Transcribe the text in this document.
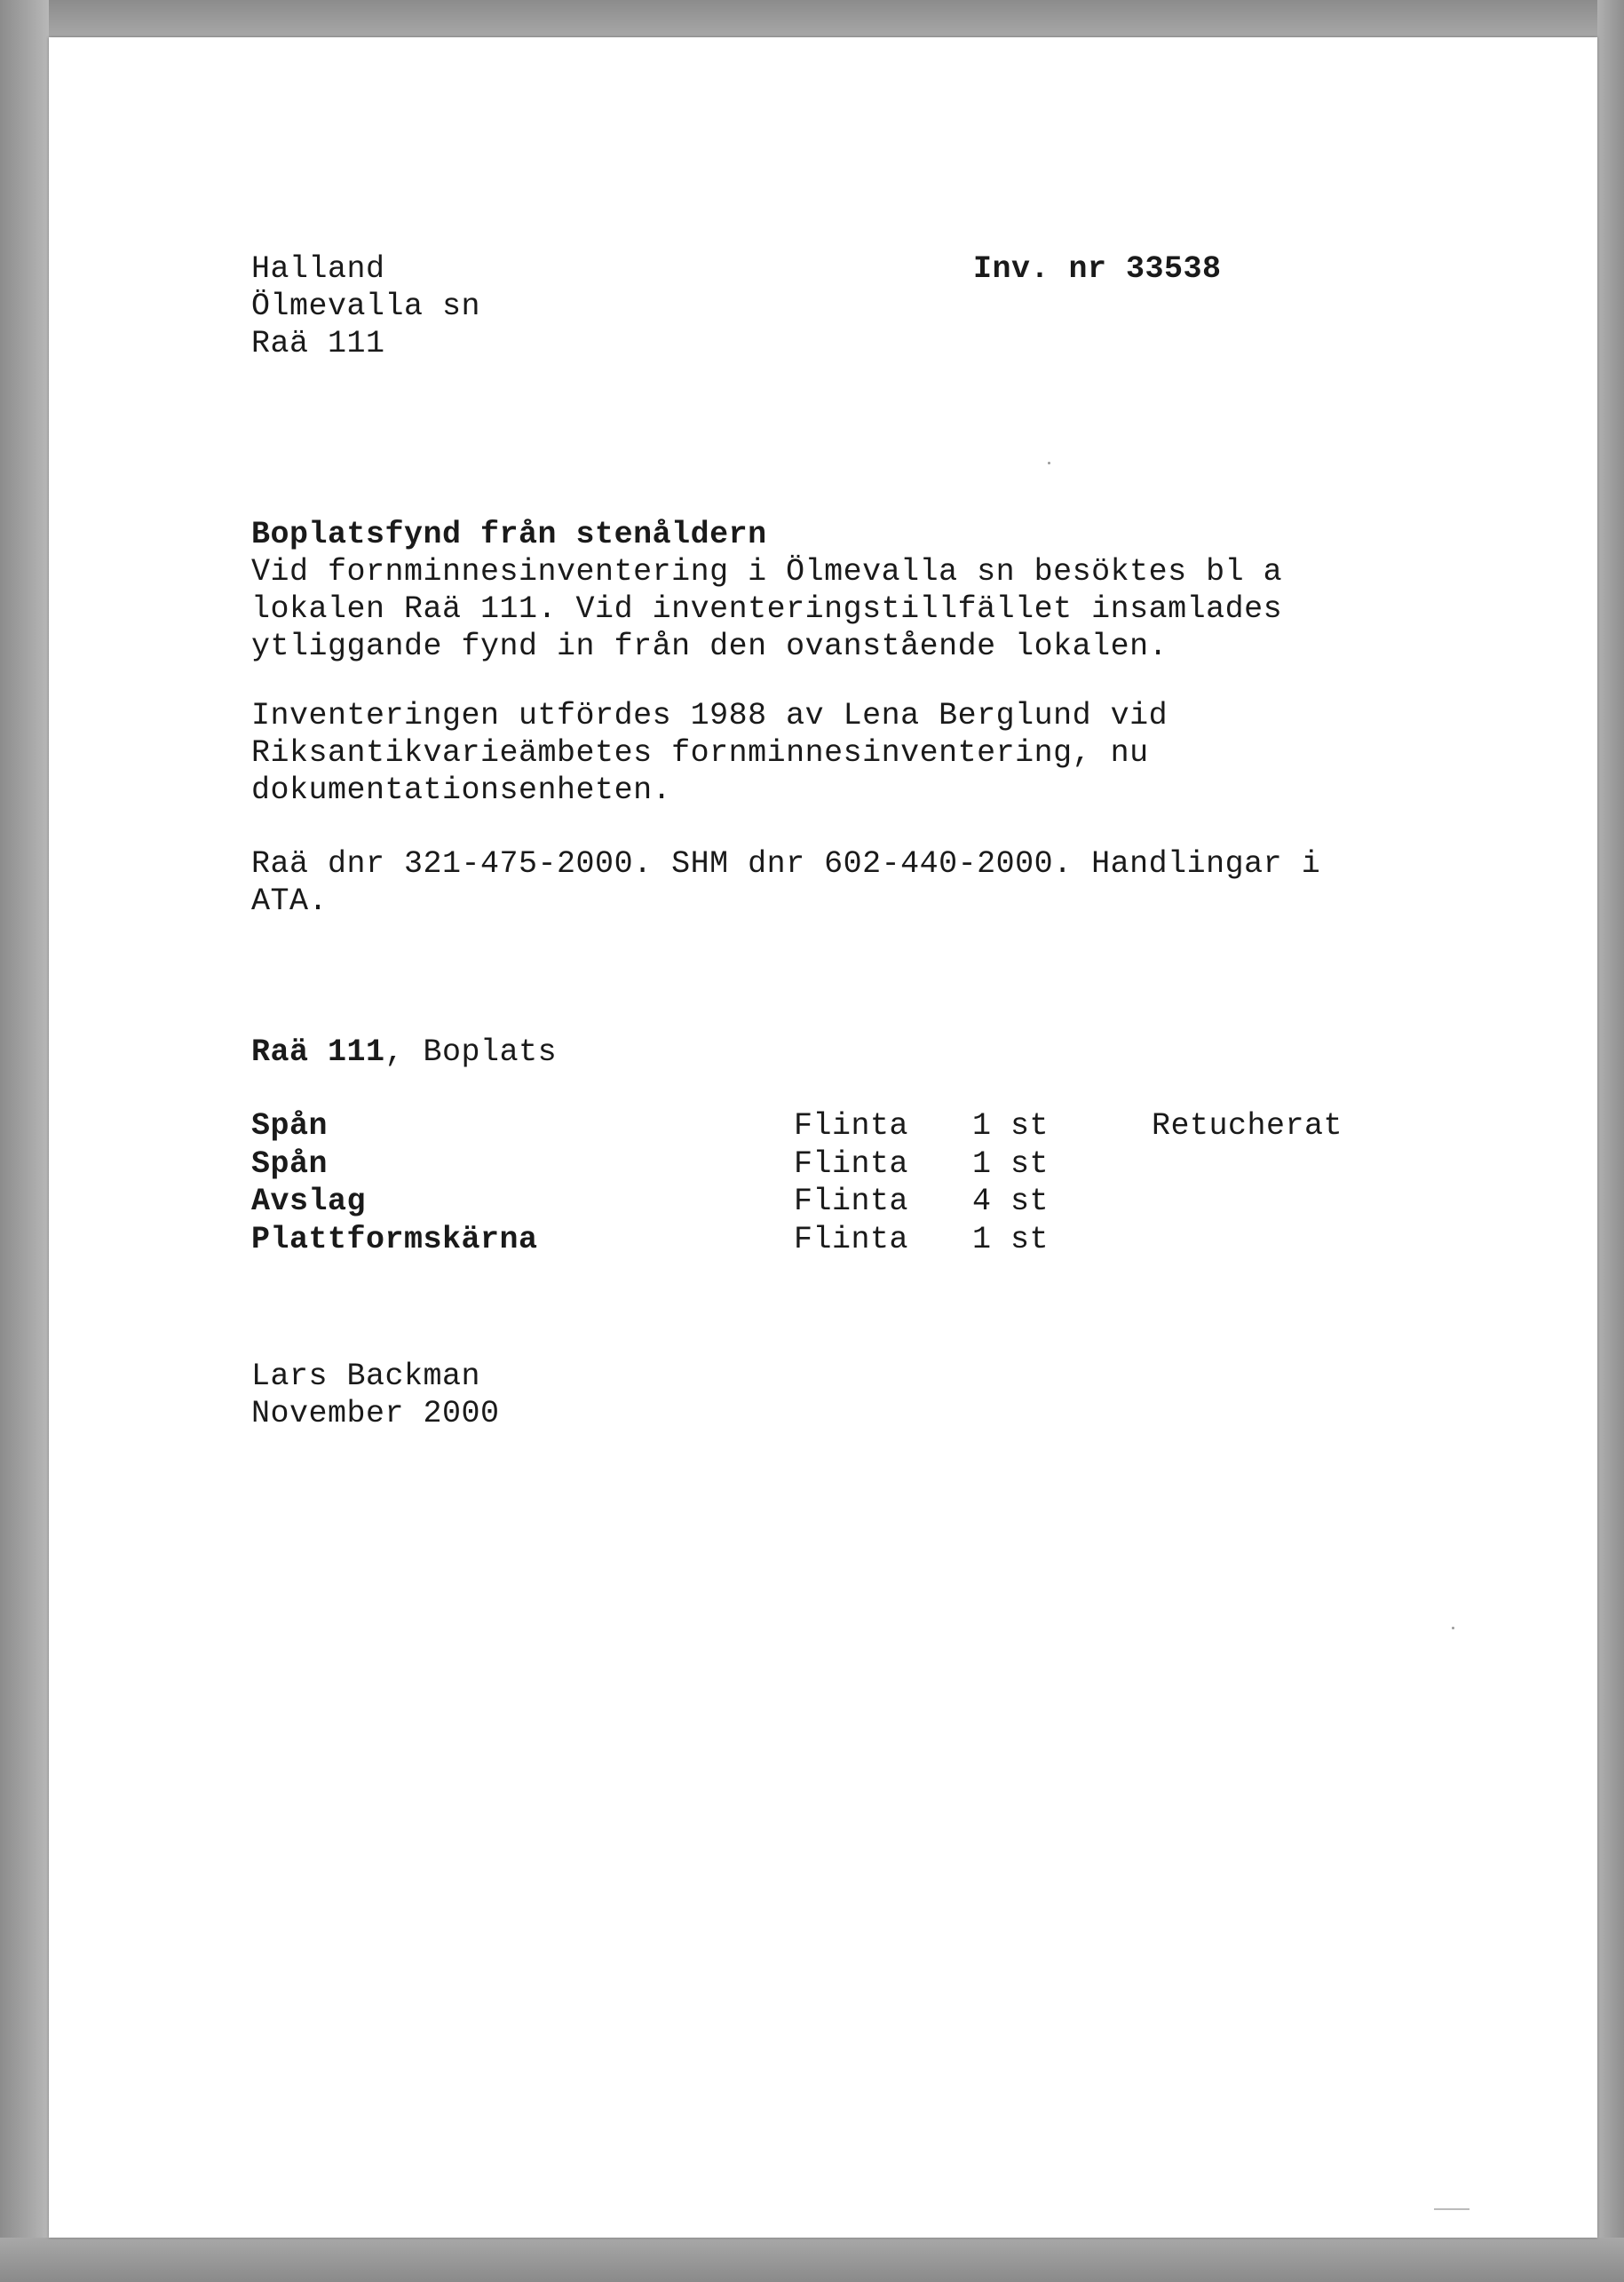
Halland
Ölmevalla sn
Raä 111
Inv. nr 33538
Boplatsfynd från stenåldern
Vid fornminnesinventering i Ölmevalla sn besöktes bl a
lokalen Raä 111. Vid inventeringstillfället insamlades
ytliggande fynd in från den ovanstående lokalen.
Inventeringen utfördes 1988 av Lena Berglund vid
Riksantikvarieämbetes fornminnesinventering, nu
dokumentationsenheten.
Raä dnr 321-475-2000. SHM dnr 602-440-2000. Handlingar i
ATA.
Raä 111, Boplats
Spån	Flinta	1 st	Retucherat
Spån	Flinta	1 st	
Avslag	Flinta	4 st	
Plattformskärna	Flinta	1 st	
Lars Backman
November 2000
